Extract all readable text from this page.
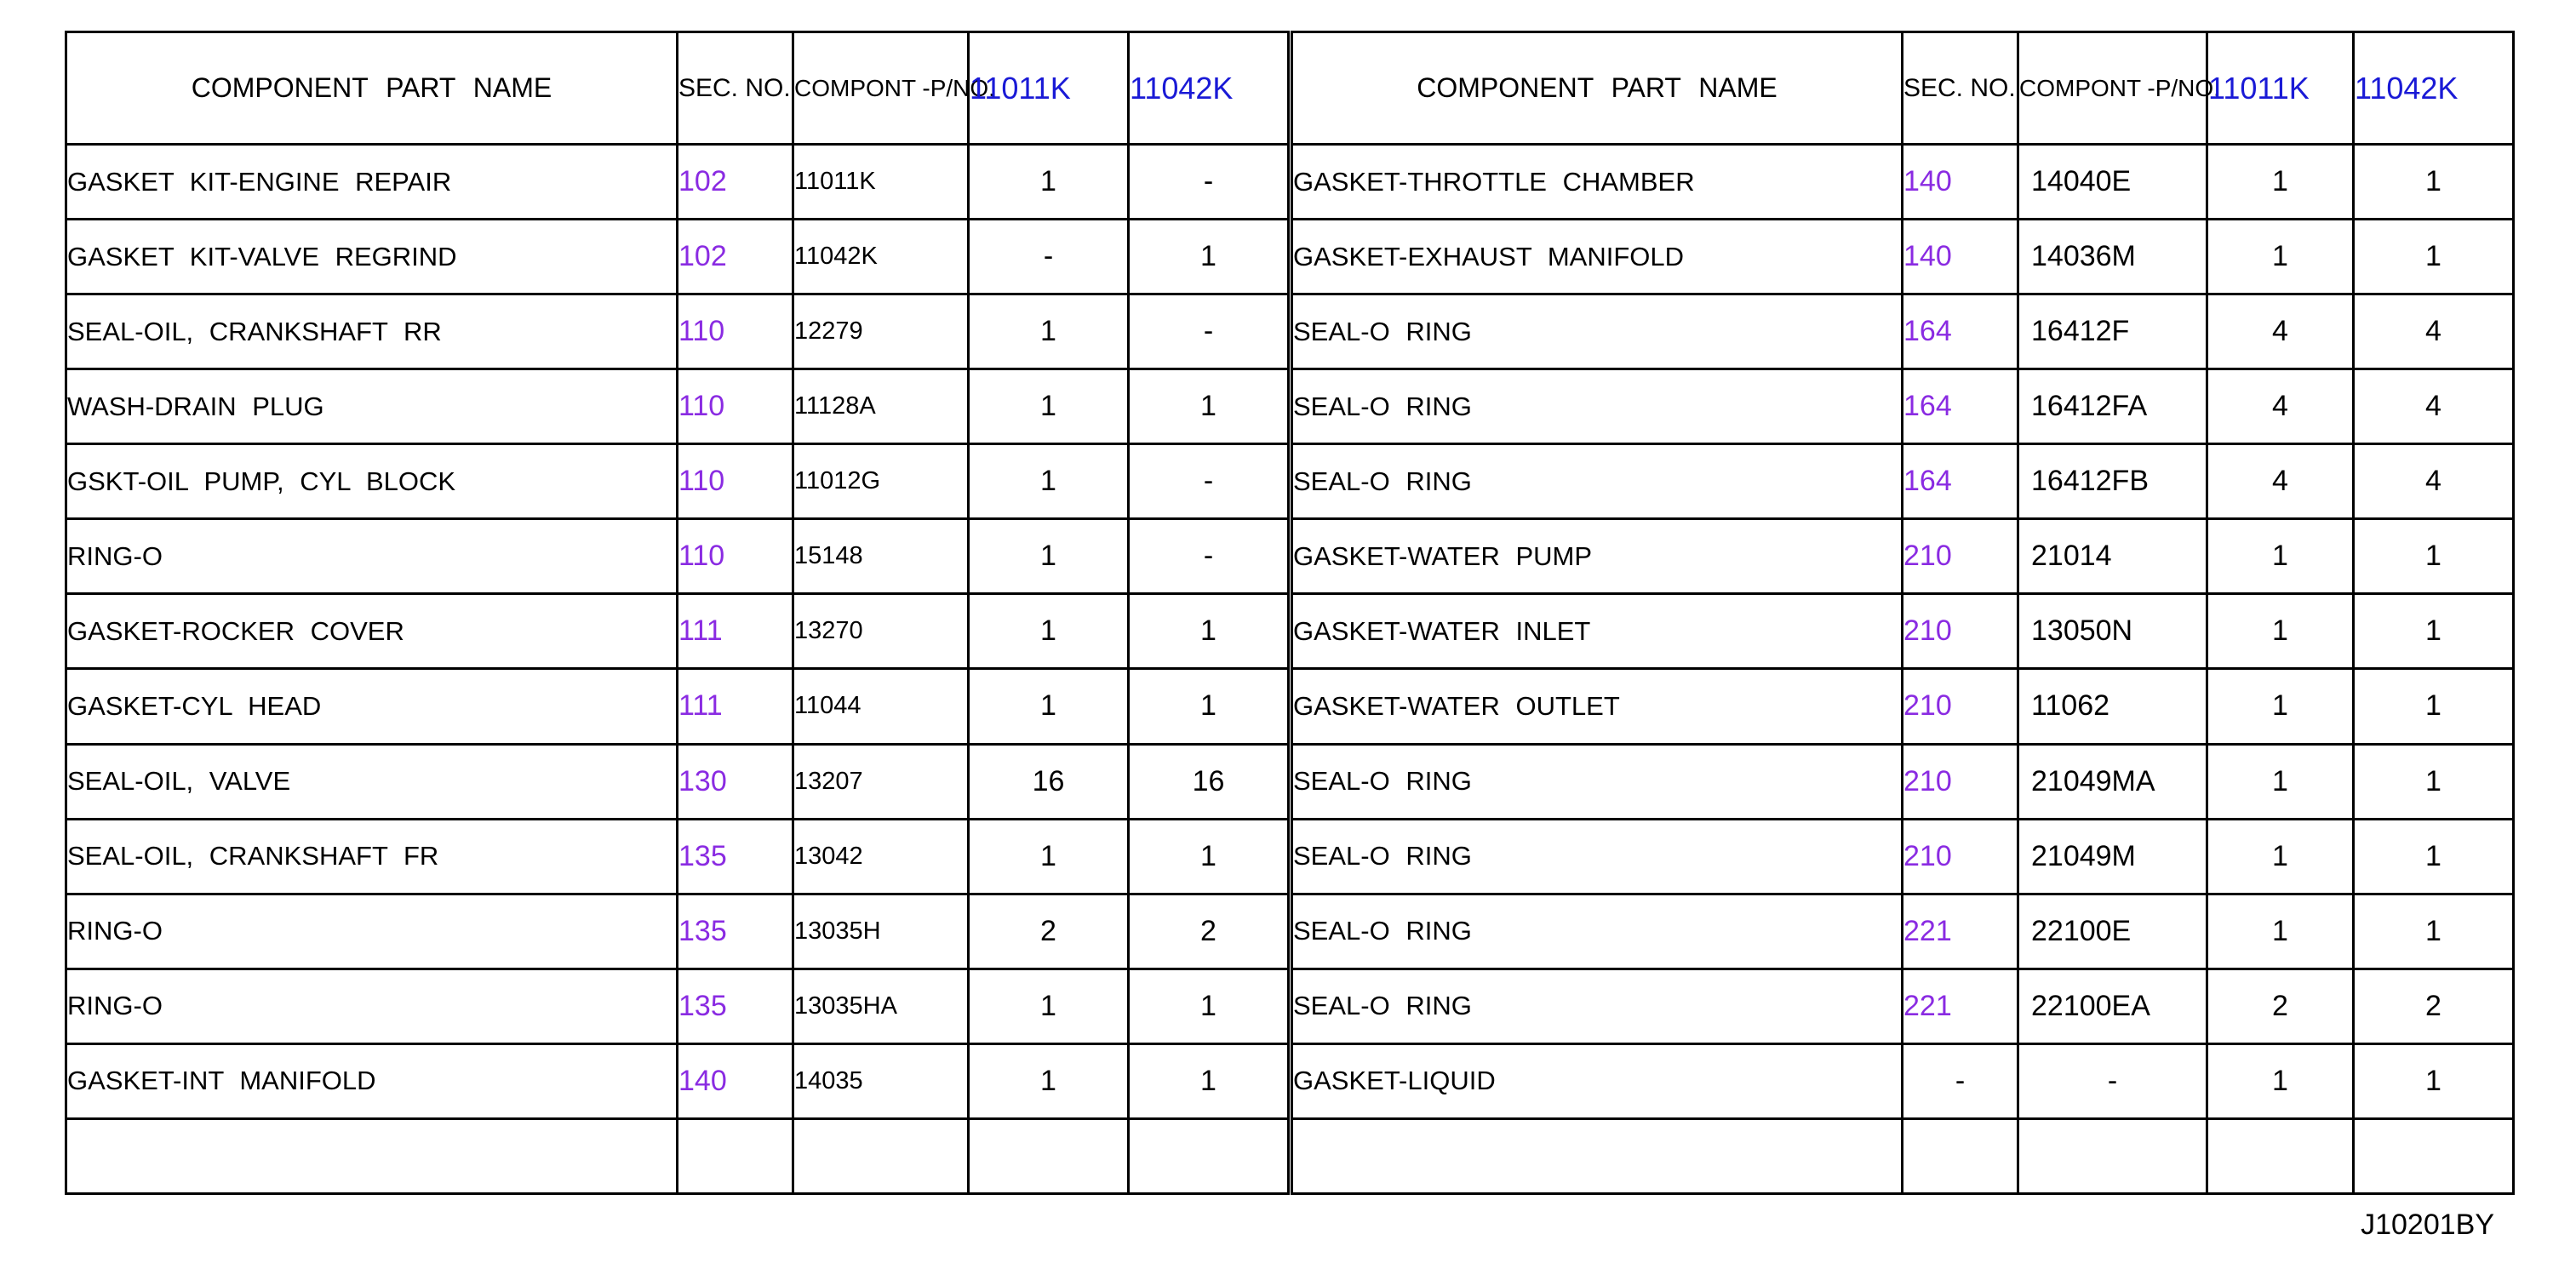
COMPONENT PART NAME	SEC. NO.	COMPONT -P/NO.	11011K	11042K
GASKET KIT-ENGINE REPAIR	102	11011K	1	-
GASKET KIT-VALVE REGRIND	102	11042K	-	1
SEAL-OIL, CRANKSHAFT RR	110	12279	1	-
WASH-DRAIN PLUG	110	11128A	1	1
GSKT-OIL PUMP, CYL BLOCK	110	11012G	1	-
RING-O	110	15148	1	-
GASKET-ROCKER COVER	111	13270	1	1
GASKET-CYL HEAD	111	11044	1	1
SEAL-OIL, VALVE	130	13207	16	16
SEAL-OIL, CRANKSHAFT FR	135	13042	1	1
RING-O	135	13035H	2	2
RING-O	135	13035HA	1	1
GASKET-INT MANIFOLD	140	14035	1	1

COMPONENT PART NAME	SEC. NO.	COMPONT -P/NO.	11011K	11042K
GASKET-THROTTLE CHAMBER	140	14040E	1	1
GASKET-EXHAUST MANIFOLD	140	14036M	1	1
SEAL-O RING	164	16412F	4	4
SEAL-O RING	164	16412FA	4	4
SEAL-O RING	164	16412FB	4	4
GASKET-WATER PUMP	210	21014	1	1
GASKET-WATER INLET	210	13050N	1	1
GASKET-WATER OUTLET	210	11062	1	1
SEAL-O RING	210	21049MA	1	1
SEAL-O RING	210	21049M	1	1
SEAL-O RING	221	22100E	1	1
SEAL-O RING	221	22100EA	2	2
GASKET-LIQUID	-	-	1	1

J10201BY
